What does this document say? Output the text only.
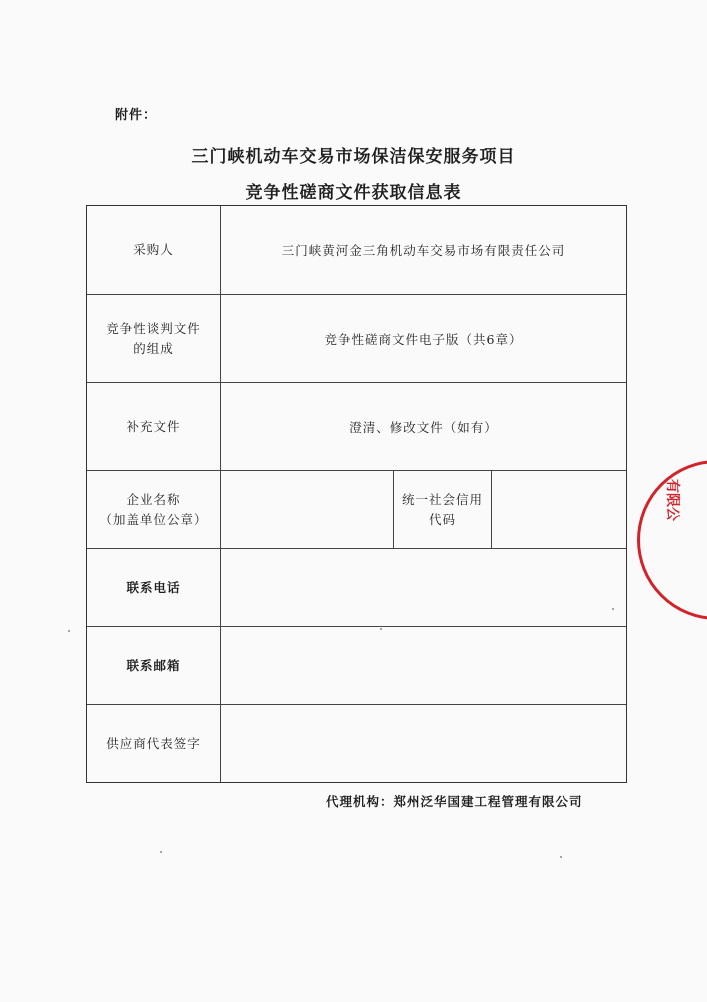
附件：
三门峡机动车交易市场保洁保安服务项目
竞争性磋商文件获取信息表
采购人	三门峡黄河金三角机动车交易市场有限责任公司
竞争性谈判文件
的组成
竞争性磋商文件电子版（共6章）
补充文件	澄清、修改文件（如有）
企业名称
（加盖单位公章）
统一社会信用
代码
联系电话
联系邮箱
供应商代表签字
代理机构：郑州泛华国建工程管理有限公司
有限公
